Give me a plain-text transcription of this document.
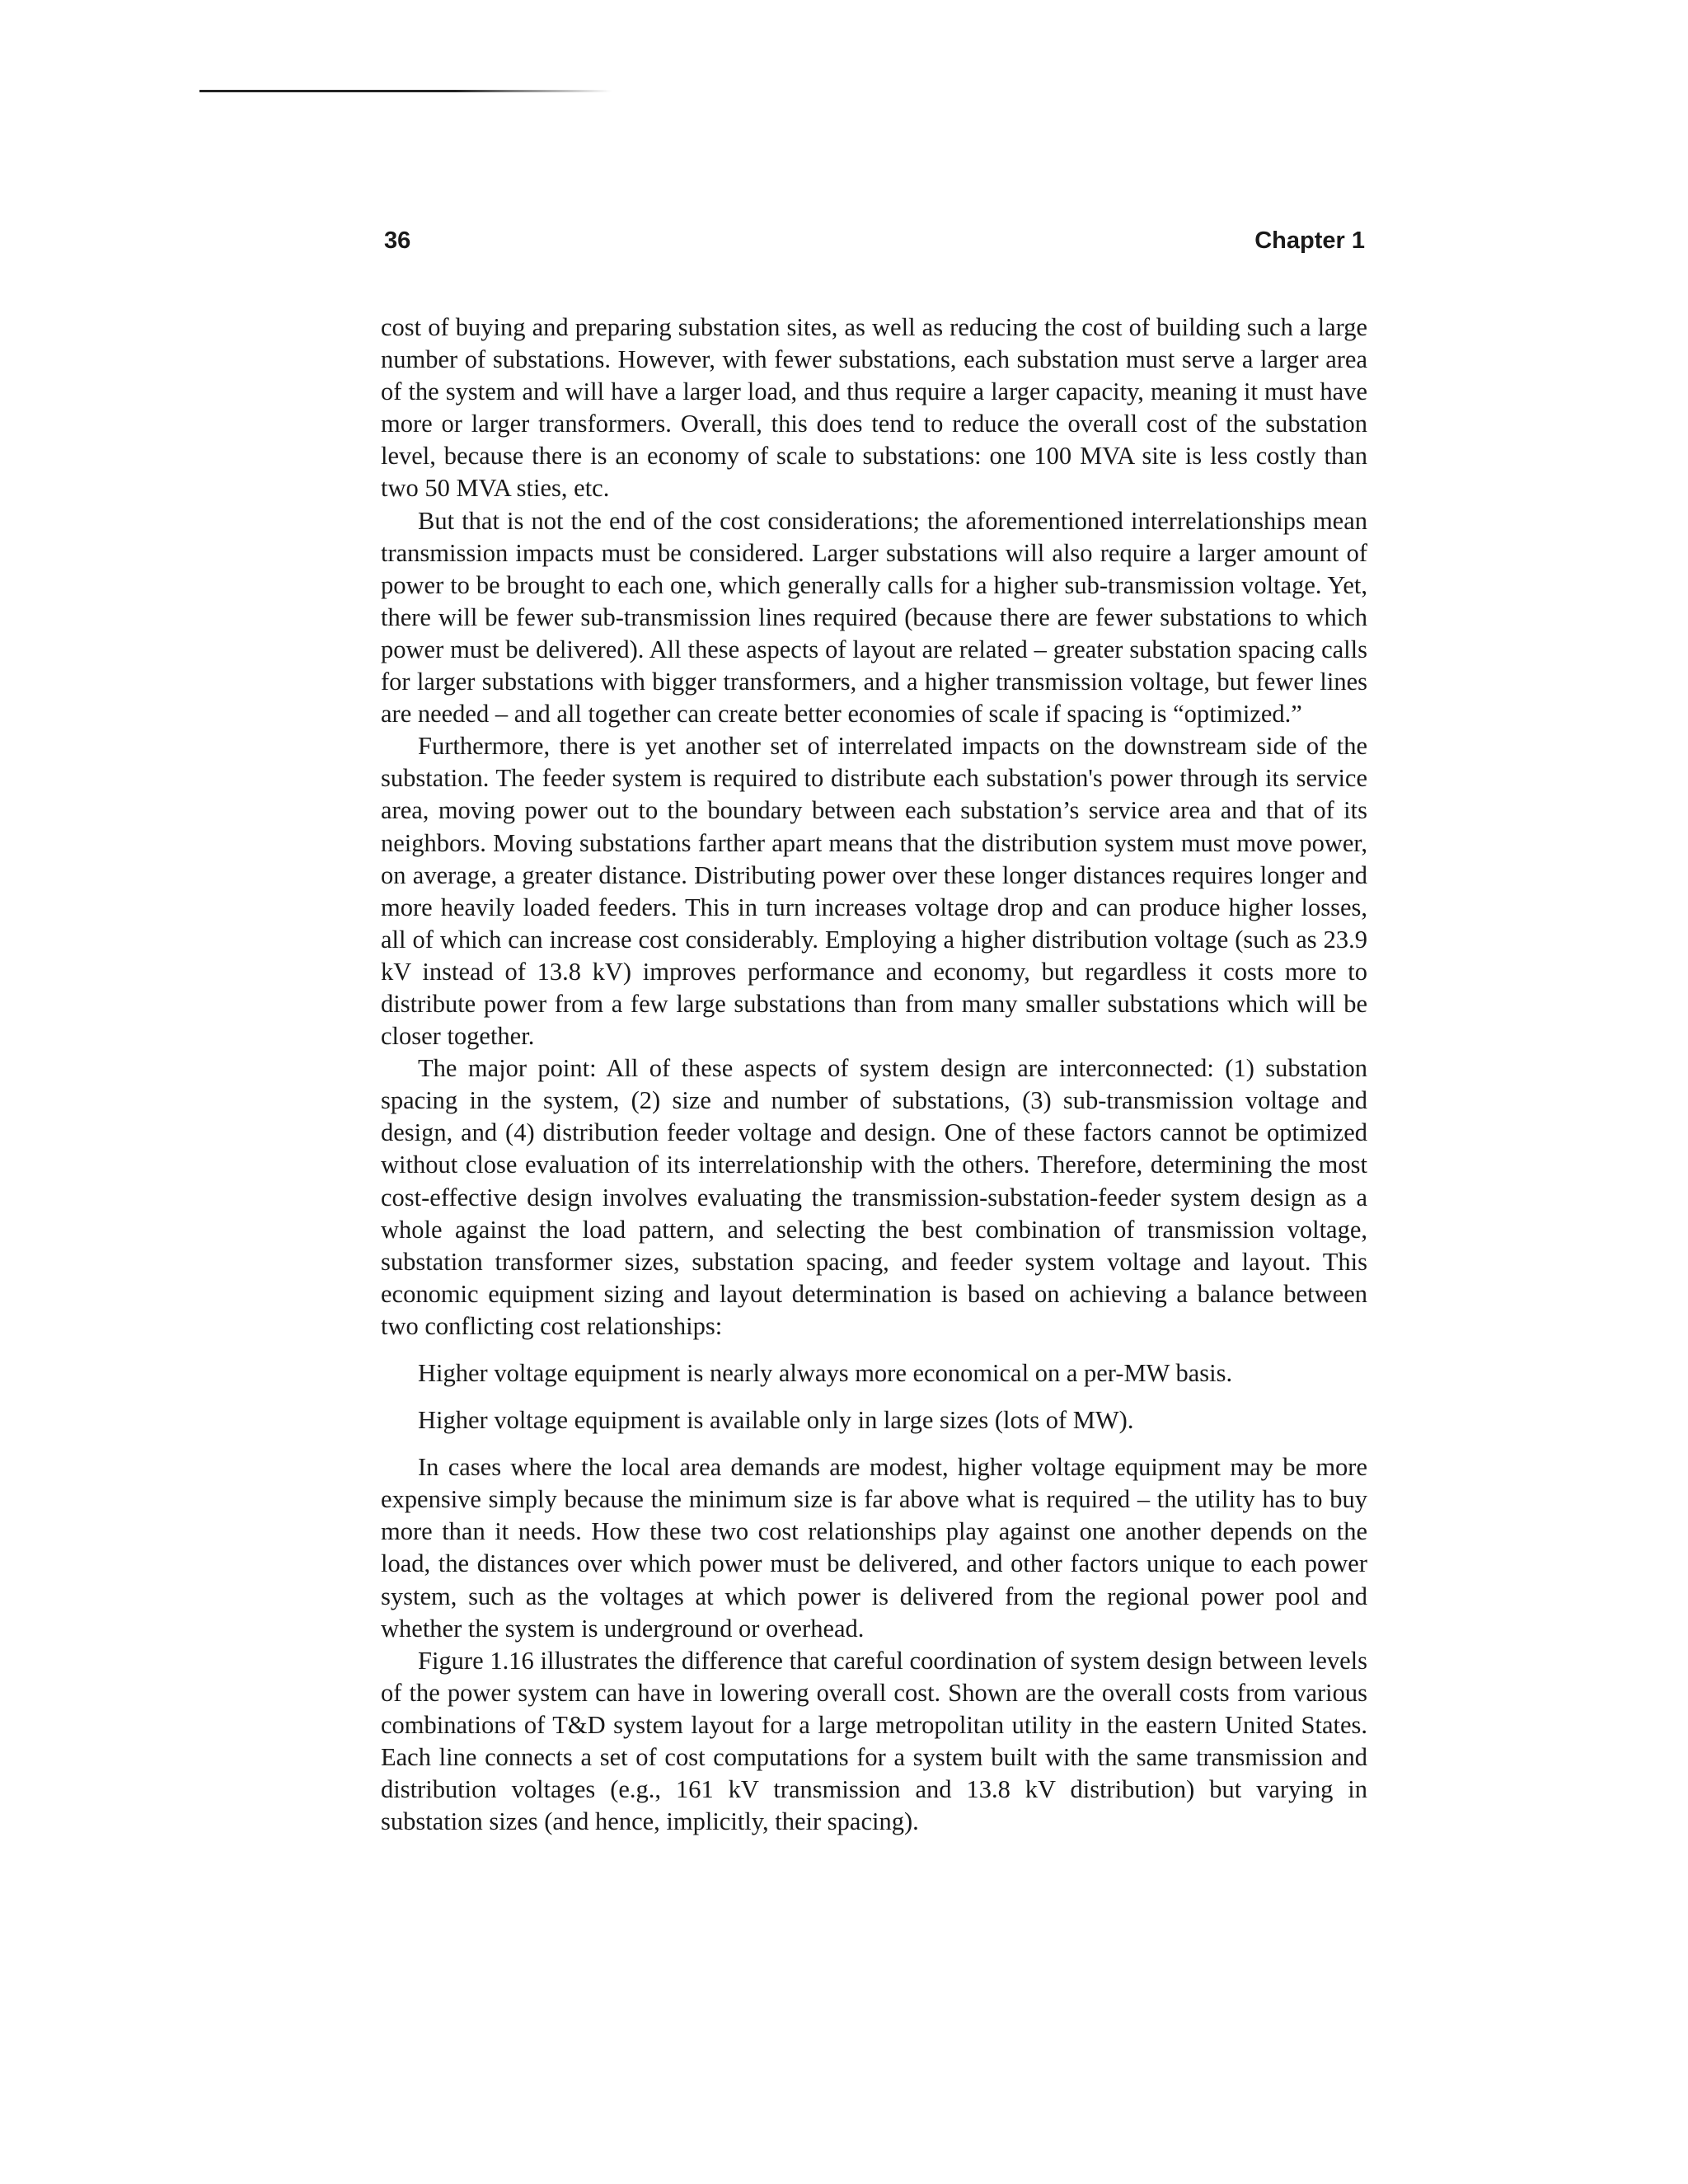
36	Chapter 1

cost of buying and preparing substation sites, as well as reducing the cost of building such a large number of substations. However, with fewer substations, each substation must serve a larger area of the system and will have a larger load, and thus require a larger capacity, meaning it must have more or larger transformers. Overall, this does tend to reduce the overall cost of the substation level, because there is an economy of scale to substations: one 100 MVA site is less costly than two 50 MVA sties, etc.

But that is not the end of the cost considerations; the aforementioned interrelationships mean transmission impacts must be considered. Larger substations will also require a larger amount of power to be brought to each one, which generally calls for a higher sub-transmission voltage. Yet, there will be fewer sub-transmission lines required (because there are fewer substations to which power must be delivered). All these aspects of layout are related – greater substation spacing calls for larger substations with bigger transformers, and a higher transmission voltage, but fewer lines are needed – and all together can create better economies of scale if spacing is “optimized.”

Furthermore, there is yet another set of interrelated impacts on the downstream side of the substation. The feeder system is required to distribute each substation's power through its service area, moving power out to the boundary between each substation’s service area and that of its neighbors. Moving substations farther apart means that the distribution system must move power, on average, a greater distance. Distributing power over these longer distances requires longer and more heavily loaded feeders. This in turn increases voltage drop and can produce higher losses, all of which can increase cost considerably. Employing a higher distribution voltage (such as 23.9 kV instead of 13.8 kV) improves performance and economy, but regardless it costs more to distribute power from a few large substations than from many smaller substations which will be closer together.

The major point: All of these aspects of system design are interconnected: (1) substation spacing in the system, (2) size and number of substations, (3) sub-transmission voltage and design, and (4) distribution feeder voltage and design. One of these factors cannot be optimized without close evaluation of its interrelationship with the others. Therefore, determining the most cost-effective design involves evaluating the transmission-substation-feeder system design as a whole against the load pattern, and selecting the best combination of transmission voltage, substation transformer sizes, substation spacing, and feeder system voltage and layout. This economic equipment sizing and layout determination is based on achieving a balance between two conflicting cost relationships:

Higher voltage equipment is nearly always more economical on a per-MW basis.

Higher voltage equipment is available only in large sizes (lots of MW).

In cases where the local area demands are modest, higher voltage equipment may be more expensive simply because the minimum size is far above what is required – the utility has to buy more than it needs. How these two cost relationships play against one another depends on the load, the distances over which power must be delivered, and other factors unique to each power system, such as the voltages at which power is delivered from the regional power pool and whether the system is underground or overhead.

Figure 1.16 illustrates the difference that careful coordination of system design between levels of the power system can have in lowering overall cost. Shown are the overall costs from various combinations of T&D system layout for a large metropolitan utility in the eastern United States. Each line connects a set of cost computations for a system built with the same transmission and distribution voltages (e.g., 161 kV transmission and 13.8 kV distribution) but varying in substation sizes (and hence, implicitly, their spacing).
